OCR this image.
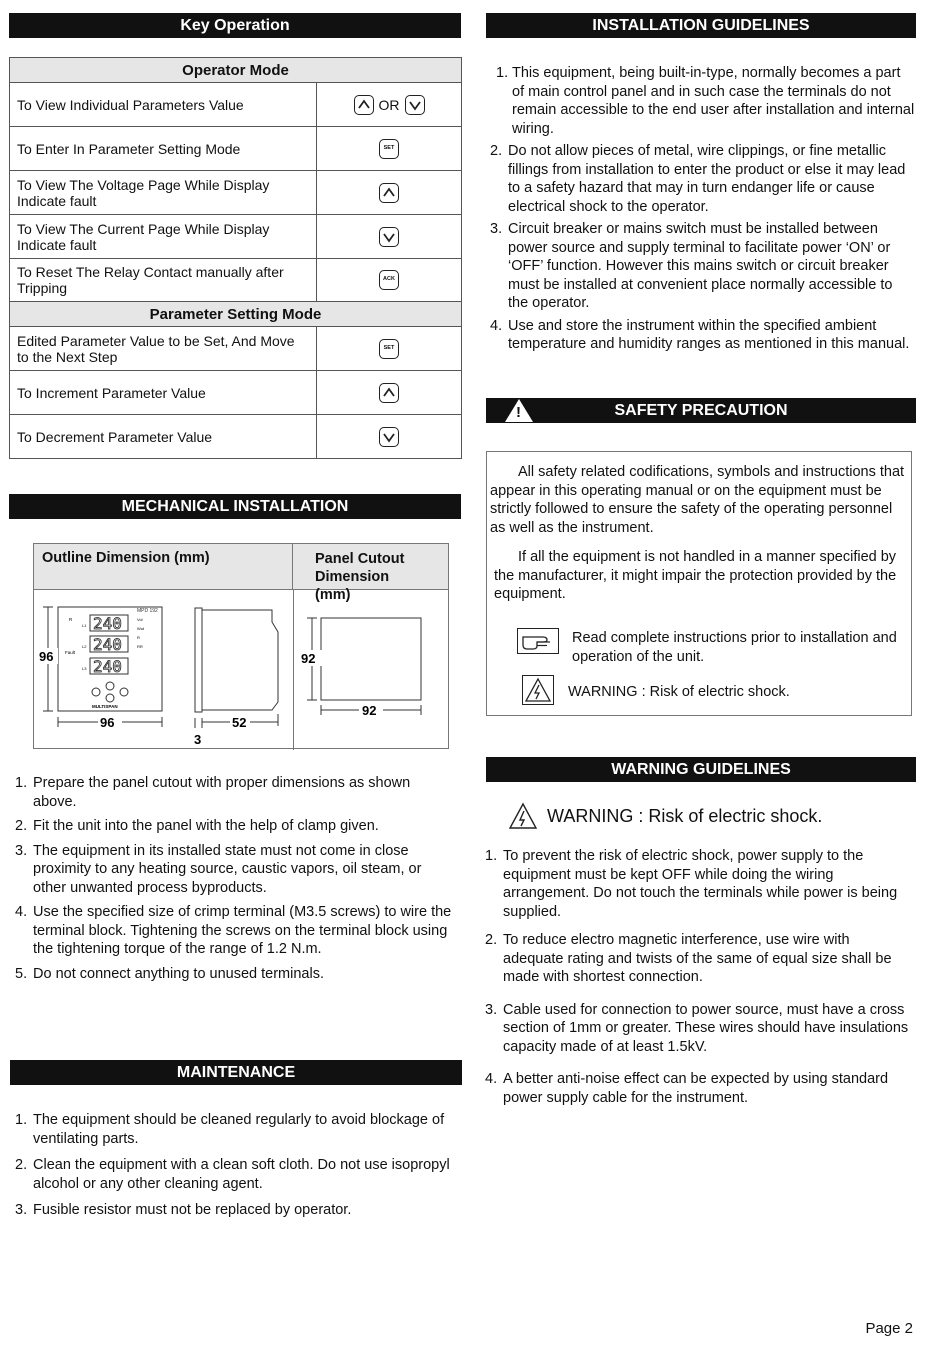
Key Operation
Operator Mode	
To View Individual Parameters Value	OR

To Enter In Parameter Setting Mode	SET
To View The Voltage Page While Display Indicate fault	

To View The Current Page While Display Indicate fault	

To Reset The Relay Contact manually after Tripping	ACK
Parameter Setting Mode	
Edited Parameter Value to be Set, And Move to the Next Step	SET
To Increment Parameter Value	

To Decrement Parameter Value	
MECHANICAL INSTALLATION
Outline Dimension (mm)	Panel Cutout Dimension (mm)
MPD 192
R
Fault
Vol
Wut
R
RR
L1 240
L2 240
L3 240
MULTISPAN
96
96	52
3
92
92
1. Prepare the panel cutout with proper dimensions as shown above.
2. Fit the unit into the panel with the help of clamp given.
3. The equipment in its installed state must not come in close proximity to any heating source, caustic vapors, oil steam, or other unwanted process byproducts.
4. Use the specified size of crimp terminal (M3.5 screws) to wire the terminal block. Tightening the screws on the terminal block using the tightening torque of the range of 1.2 N.m.
5. Do not connect anything to unused terminals.
MAINTENANCE
1. The equipment should be cleaned regularly to avoid blockage of ventilating parts.
2. Clean the equipment with a clean soft cloth. Do not use isopropyl alcohol or any other cleaning agent.
3. Fusible resistor must not be replaced by operator.
INSTALLATION GUIDELINES
1. This equipment, being built-in-type, normally becomes a part of main control panel and in such case the terminals do not remain accessible to the end user after installation and internal wiring.
2. Do not allow pieces of metal, wire clippings, or fine metallic fillings from installation to enter the product or else it may lead to a safety hazard that may in turn endanger life or cause electrical shock to the operator.
3. Circuit breaker or mains switch must be installed between power source and supply terminal to facilitate power ‘ON’ or ‘OFF’ function. However this mains switch or circuit breaker must be installed at convenient place normally accessible to the operator.
4. Use and store the instrument within the specified ambient temperature and humidity ranges as mentioned in this manual.
!	SAFETY PRECAUTION

All safety related codifications, symbols and instructions that appear in this operating manual or on the equipment must be strictly followed to ensure the safety of the operating personnel as well as the instrument.

If all the equipment is not handled in a manner specified by the manufacturer, it might impair the protection provided by the equipment.

Read complete instructions prior to installation and operation of the unit.

WARNING : Risk of electric shock.

WARNING GUIDELINES
WARNING : Risk of electric shock.
1. To prevent the risk of electric shock, power supply to the equipment must be kept OFF while doing the wiring arrangement. Do not touch the terminals while power is being supplied.
2. To reduce electro magnetic interference, use wire with adequate rating and twists of the same of equal size shall be made with shortest connection.
3. Cable used for connection to power source, must have a cross section of 1mm or greater. These wires should have insulations capacity made of at least 1.5kV.
4. A better anti-noise effect can be expected by using standard power supply cable for the instrument.
Page 2
